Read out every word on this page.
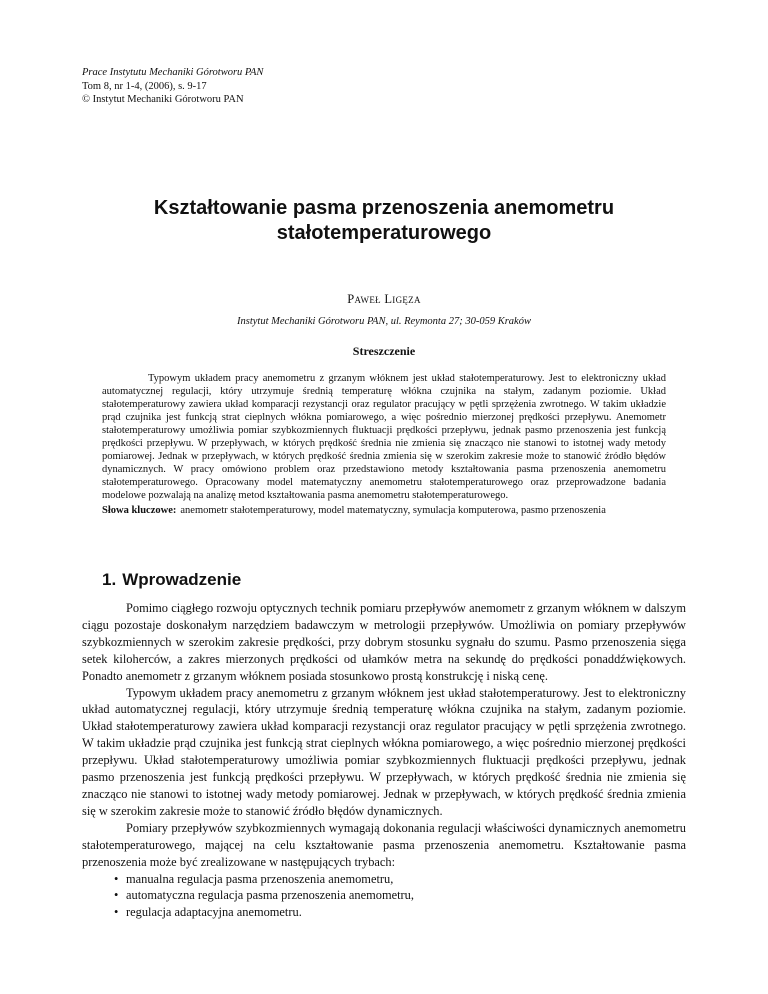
Prace Instytutu Mechaniki Górotworu PAN
Tom 8, nr 1-4, (2006), s. 9-17
© Instytut Mechaniki Górotworu PAN
Kształtowanie pasma przenoszenia anemometru
stałotemperaturowego
Paweł Ligęza
Instytut Mechaniki Górotworu PAN, ul. Reymonta 27; 30-059 Kraków
Streszczenie
Typowym układem pracy anemometru z grzanym włóknem jest układ stałotemperaturowy. Jest to elektroniczny układ automatycznej regulacji, który utrzymuje średnią temperaturę włókna czujnika na stałym, zadanym poziomie. Układ stałotemperaturowy zawiera układ komparacji rezystancji oraz regulator pracujący w pętli sprzężenia zwrotnego. W takim układzie prąd czujnika jest funkcją strat cieplnych włókna pomiarowego, a więc pośrednio mierzonej prędkości przepływu. Anemometr stałotemperaturowy umożliwia pomiar szybkozmiennych fluktuacji prędkości przepływu, jednak pasmo przenoszenia jest funkcją prędkości przepływu. W przepływach, w których prędkość średnia nie zmienia się znacząco nie stanowi to istotnej wady metody pomiarowej. Jednak w przepływach, w których prędkość średnia zmienia się w szerokim zakresie może to stanowić źródło błędów dynamicznych. W pracy omówiono problem oraz przedstawiono metody kształtowania pasma przenoszenia anemometru stałotemperaturowego. Opracowany model matematyczny anemometru stałotemperaturowego oraz przeprowadzone badania modelowe pozwalają na analizę metod kształtowania pasma anemometru stałotemperaturowego.
Słowa kluczowe: anemometr stałotemperaturowy, model matematyczny, symulacja komputerowa, pasmo przenoszenia
1. Wprowadzenie

Pomimo ciągłego rozwoju optycznych technik pomiaru przepływów anemometr z grzanym włóknem w dalszym ciągu pozostaje doskonałym narzędziem badawczym w metrologii przepływów. Umożliwia on pomiary przepływów szybkozmiennych w szerokim zakresie prędkości, przy dobrym stosunku sygnału do szumu. Pasmo przenoszenia sięga setek kiloherców, a zakres mierzonych prędkości od ułamków metra na sekundę do prędkości ponaddźwiękowych. Ponadto anemometr z grzanym włóknem posiada stosunkowo prostą konstrukcję i niską cenę.

Typowym układem pracy anemometru z grzanym włóknem jest układ stałotemperaturowy. Jest to elektroniczny układ automatycznej regulacji, który utrzymuje średnią temperaturę włókna czujnika na stałym, zadanym poziomie. Układ stałotemperaturowy zawiera układ komparacji rezystancji oraz regulator pracujący w pętli sprzężenia zwrotnego. W takim układzie prąd czujnika jest funkcją strat cieplnych włókna pomiarowego, a więc pośrednio mierzonej prędkości przepływu. Układ stałotemperaturowy umożliwia pomiar szybkozmiennych fluktuacji prędkości przepływu, jednak pasmo przenoszenia jest funkcją prędkości przepływu. W przepływach, w których prędkość średnia nie zmienia się znacząco nie stanowi to istotnej wady metody pomiarowej. Jednak w przepływach, w których prędkość średnia zmienia się w szerokim zakresie może to stanowić źródło błędów dynamicznych.

Pomiary przepływów szybkozmiennych wymagają dokonania regulacji właściwości dynamicznych anemometru stałotemperaturowego, mającej na celu kształtowanie pasma przenoszenia anemometru. Kształtowanie pasma przenoszenia może być zrealizowane w następujących trybach:

• manualna regulacja pasma przenoszenia anemometru,
• automatyczna regulacja pasma przenoszenia anemometru,
• regulacja adaptacyjna anemometru.
